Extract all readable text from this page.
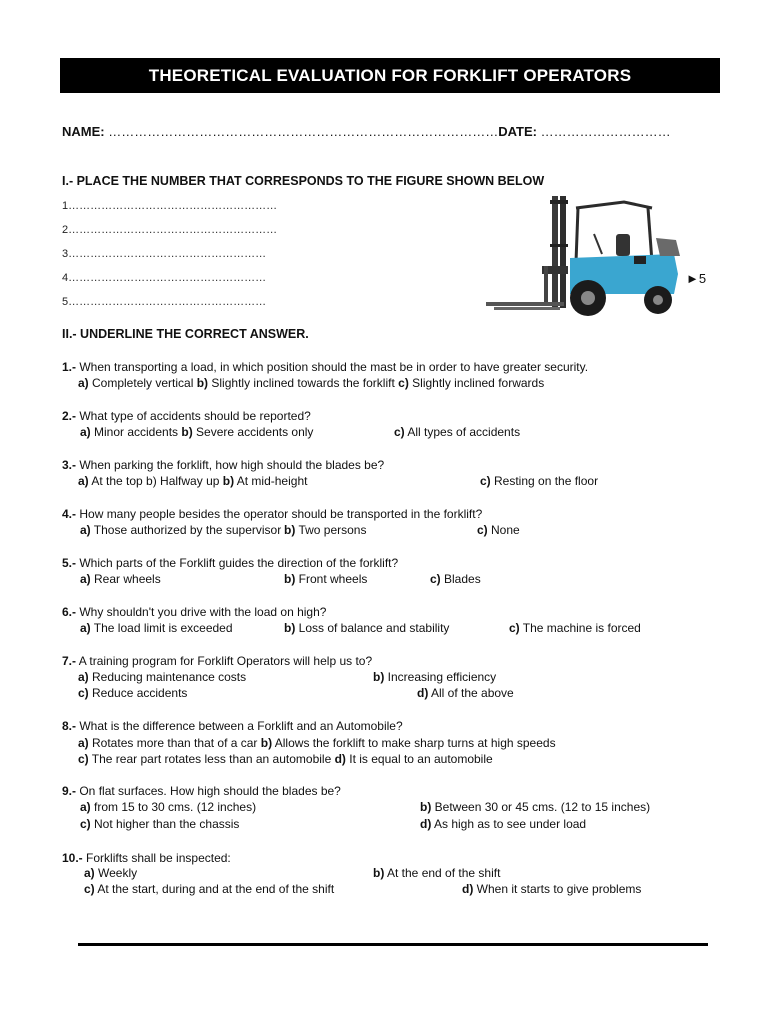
THEORETICAL EVALUATION FOR FORKLIFT OPERATORS
NAME: ………………………………………………………………………………DATE: …………………………
I.- PLACE THE NUMBER THAT CORRESPONDS TO THE FIGURE SHOWN BELOW
1…………………………………………………
2…………………………………………………
3………………………………………………
4………………………………………………
5………………………………………………
►5
II.- UNDERLINE THE CORRECT ANSWER.
1.- When transporting a load, in which position should the mast be in order to have greater security.
a) Completely vertical b) Slightly inclined towards the forklift c) Slightly inclined forwards
2.- What type of accidents should be reported?
a) Minor accidents b) Severe accidents only	c) All types of accidents
3.- When parking the forklift, how high should the blades be?
a) At the top b) Halfway up b) At mid-height	c) Resting on the floor
4.- How many people besides the operator should be transported in the forklift?
a) Those authorized by the supervisor b) Two persons	c) None
5.- Which parts of the Forklift guides the direction of the forklift?
a) Rear wheels	b) Front wheels	c) Blades
6.- Why shouldn't you drive with the load on high?
a) The load limit is exceeded	b) Loss of balance and stability	c) The machine is forced
7.- A training program for Forklift Operators will help us to?
a) Reducing maintenance costs	b) Increasing efficiency
c) Reduce accidents	d) All of the above
8.- What is the difference between a Forklift and an Automobile?
a) Rotates more than that of a car b) Allows the forklift to make sharp turns at high speeds
c) The rear part rotates less than an automobile d) It is equal to an automobile
9.- On flat surfaces. How high should the blades be?
a) from 15 to 30 cms. (12 inches)	b) Between 30 or 45 cms. (12 to 15 inches)
c) Not higher than the chassis	d) As high as to see under load
10.- Forklifts shall be inspected:
a) Weekly	b) At the end of the shift
c) At the start, during and at the end of the shift	d) When it starts to give problems
